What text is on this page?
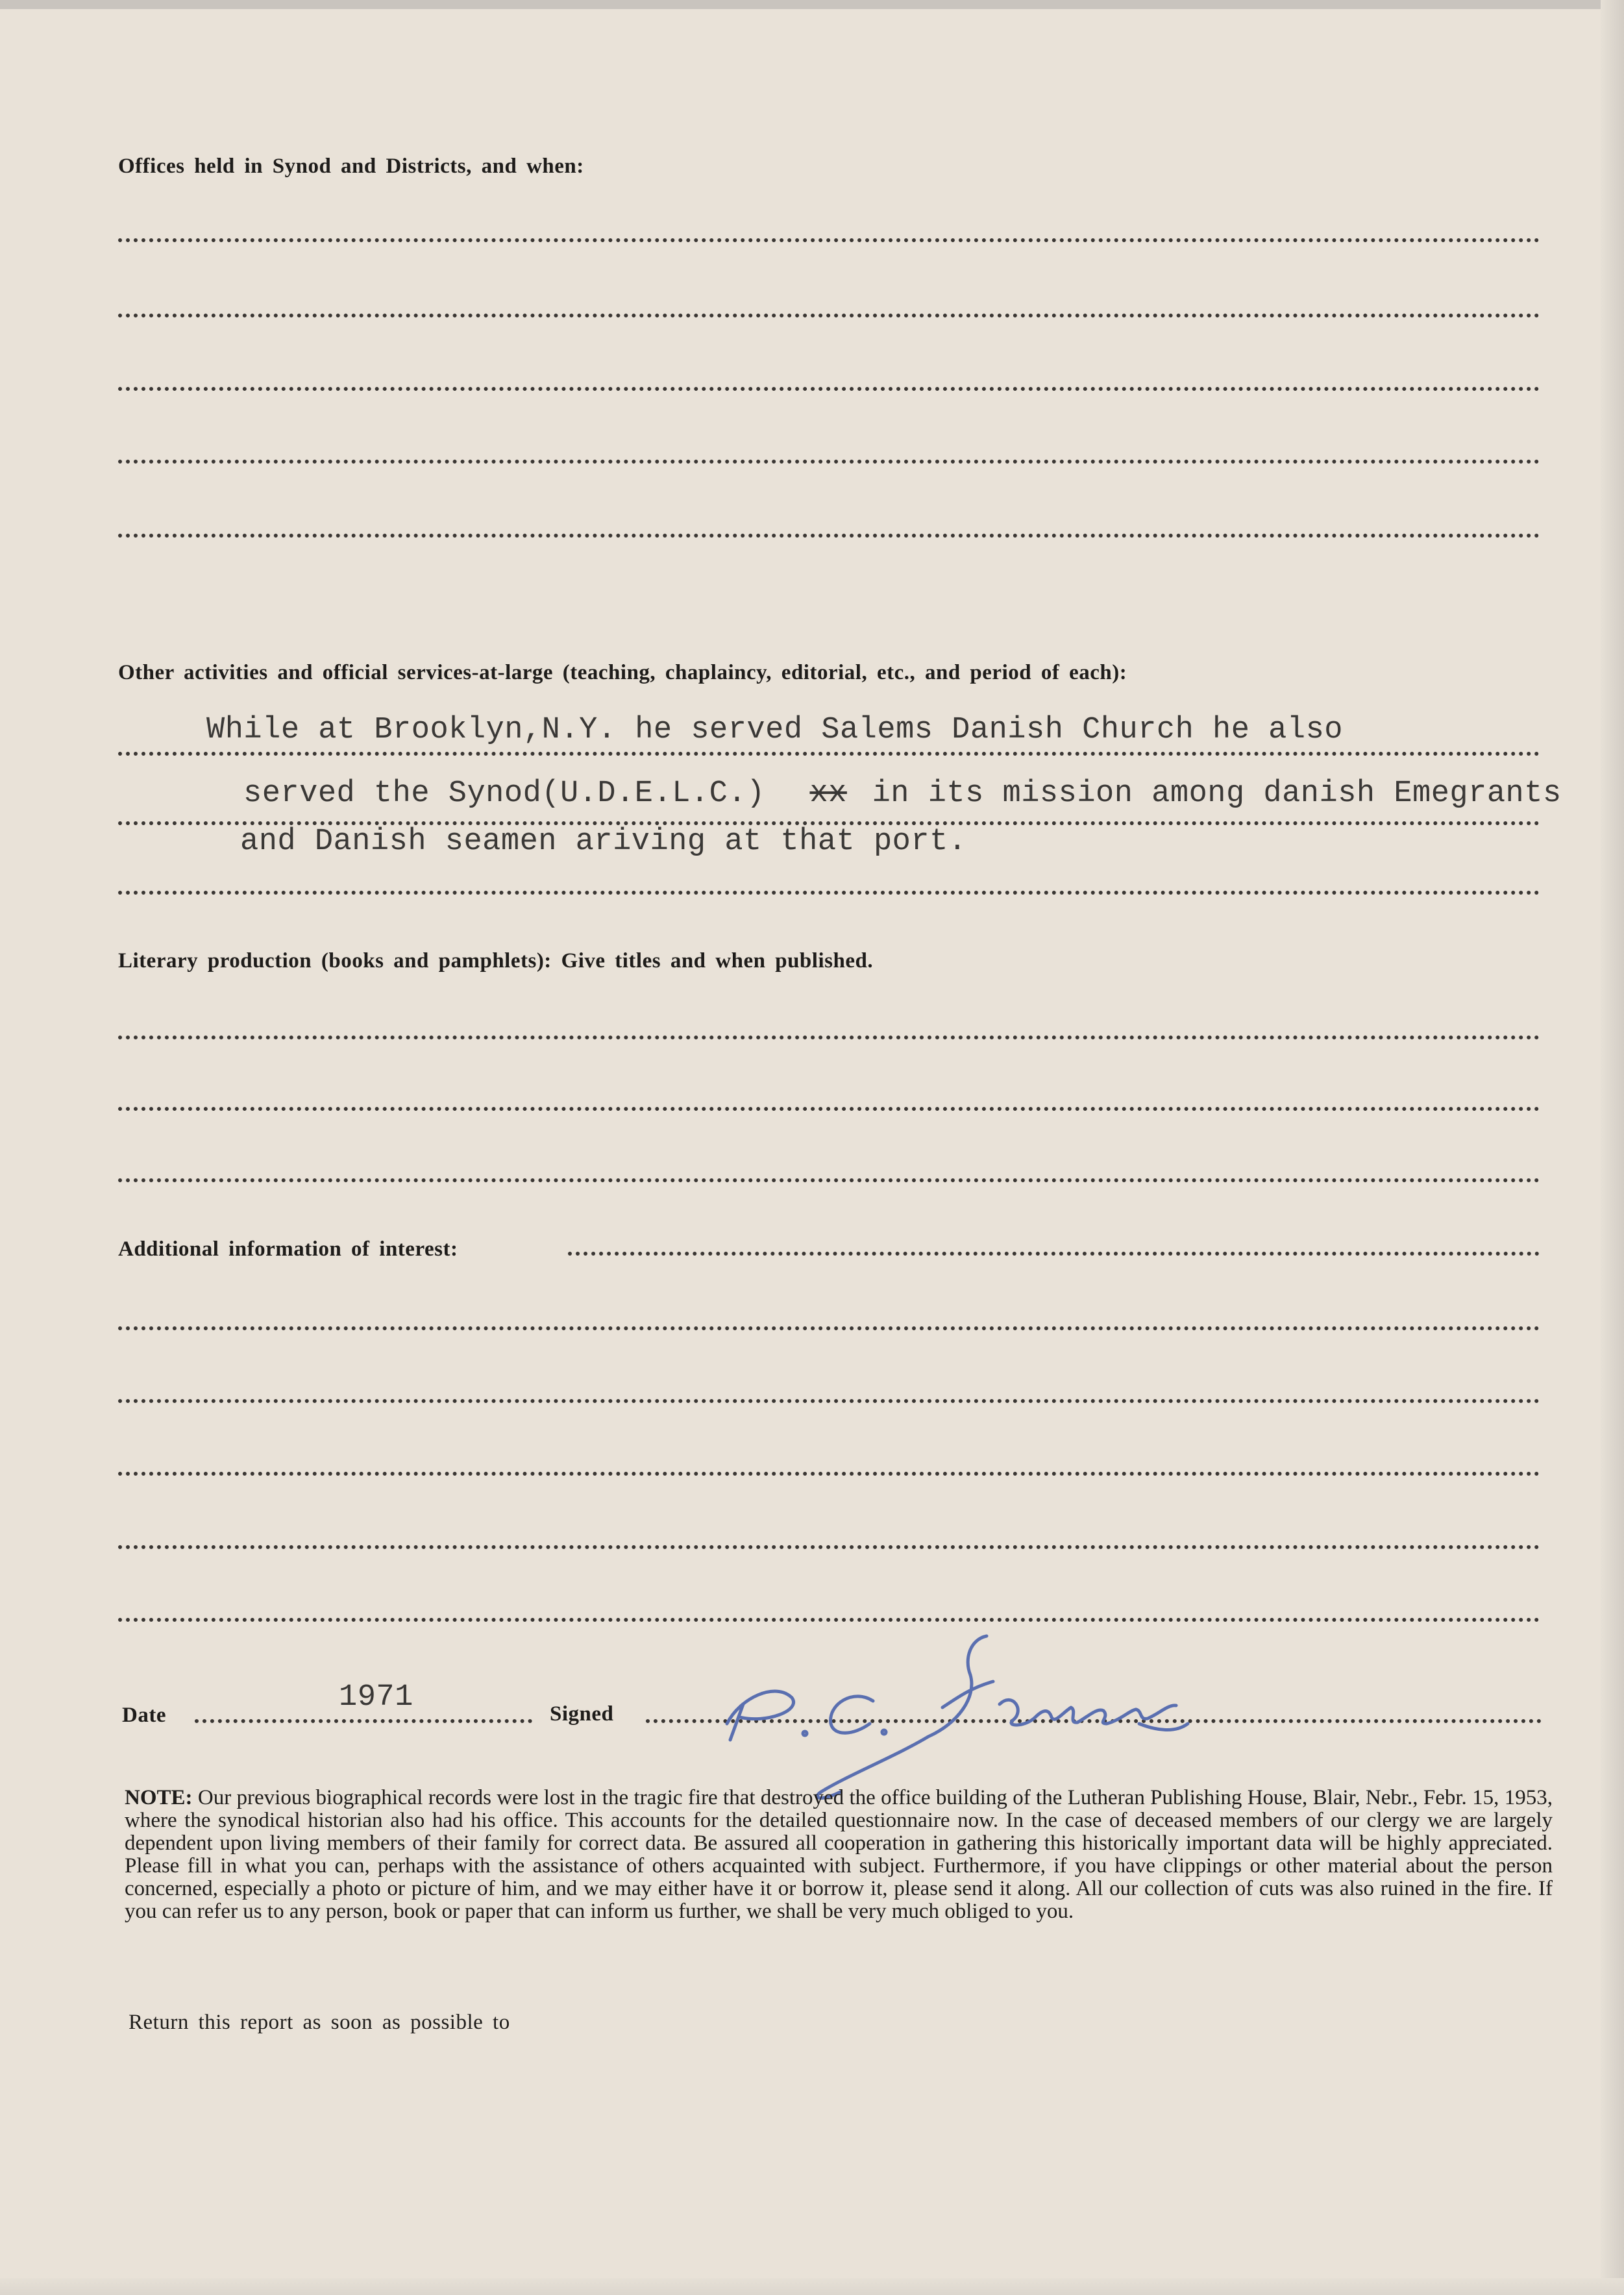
Offices held in Synod and Districts, and when:
Other activities and official services-at-large (teaching, chaplaincy, editorial, etc., and period of each):
While at Brooklyn,N.Y. he served Salems Danish Church he also
served the Synod(U.D.E.L.C.) xx in its mission among danish Emegrants
and Danish seamen ariving at that port.
Literary production (books and pamphlets): Give titles and when published.
Additional information of interest:
Date
1971	Signed
NOTE: Our previous biographical records were lost in the tragic fire that destroyed the office building of the Lutheran Publishing House, Blair, Nebr., Febr. 15, 1953, where the synodical historian also had his office. This accounts for the detailed questionnaire now. In the case of deceased members of our clergy we are largely dependent upon living members of their family for correct data. Be assured all cooperation in gathering this historically important data will be highly appreciated. Please fill in what you can, perhaps with the assistance of others acquainted with subject. Furthermore, if you have clippings or other material about the person concerned, especially a photo or picture of him, and we may either have it or borrow it, please send it along. All our collection of cuts was also ruined in the fire. If you can refer us to any person, book or paper that can inform us further, we shall be very much obliged to you.
Return this report as soon as possible to
